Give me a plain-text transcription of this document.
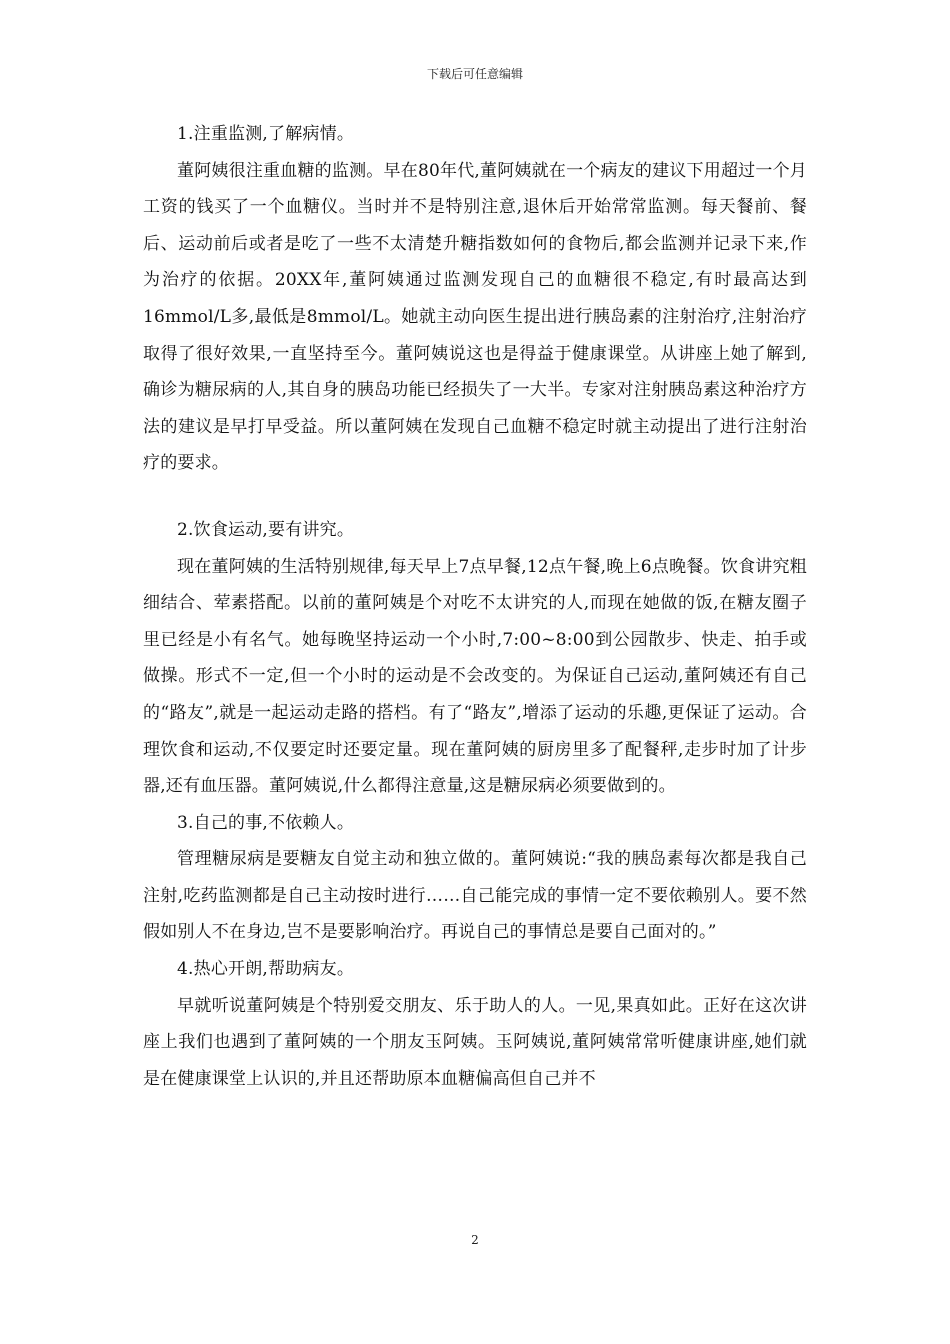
下载后可任意编辑

1.注重监测,了解病情。

董阿姨很注重血糖的监测。早在80年代,董阿姨就在一个病友的建议下用超过一个月工资的钱买了一个血糖仪。当时并不是特别注意,退休后开始常常监测。每天餐前、餐后、运动前后或者是吃了一些不太清楚升糖指数如何的食物后,都会监测并记录下来,作为治疗的依据。20XX年,董阿姨通过监测发现自己的血糖很不稳定,有时最高达到16mmol/L多,最低是8mmol/L。她就主动向医生提出进行胰岛素的注射治疗,注射治疗取得了很好效果,一直坚持至今。董阿姨说这也是得益于健康课堂。从讲座上她了解到,确诊为糖尿病的人,其自身的胰岛功能已经损失了一大半。专家对注射胰岛素这种治疗方法的建议是早打早受益。所以董阿姨在发现自己血糖不稳定时就主动提出了进行注射治疗的要求。

2.饮食运动,要有讲究。

现在董阿姨的生活特别规律,每天早上7点早餐,12点午餐,晚上6点晚餐。饮食讲究粗细结合、荤素搭配。以前的董阿姨是个对吃不太讲究的人,而现在她做的饭,在糖友圈子里已经是小有名气。她每晚坚持运动一个小时,7:00~8:00到公园散步、快走、拍手或做操。形式不一定,但一个小时的运动是不会改变的。为保证自己运动,董阿姨还有自己的“路友”,就是一起运动走路的搭档。有了“路友”,增添了运动的乐趣,更保证了运动。合理饮食和运动,不仅要定时还要定量。现在董阿姨的厨房里多了配餐秤,走步时加了计步器,还有血压器。董阿姨说,什么都得注意量,这是糖尿病必须要做到的。

3.自己的事,不依赖人。

管理糖尿病是要糖友自觉主动和独立做的。董阿姨说:“我的胰岛素每次都是我自己注射,吃药监测都是自己主动按时进行……自己能完成的事情一定不要依赖别人。要不然假如别人不在身边,岂不是要影响治疗。再说自己的事情总是要自己面对的。”

4.热心开朗,帮助病友。

早就听说董阿姨是个特别爱交朋友、乐于助人的人。一见,果真如此。正好在这次讲座上我们也遇到了董阿姨的一个朋友玉阿姨。玉阿姨说,董阿姨常常听健康讲座,她们就是在健康课堂上认识的,并且还帮助原本血糖偏高但自己并不

2
